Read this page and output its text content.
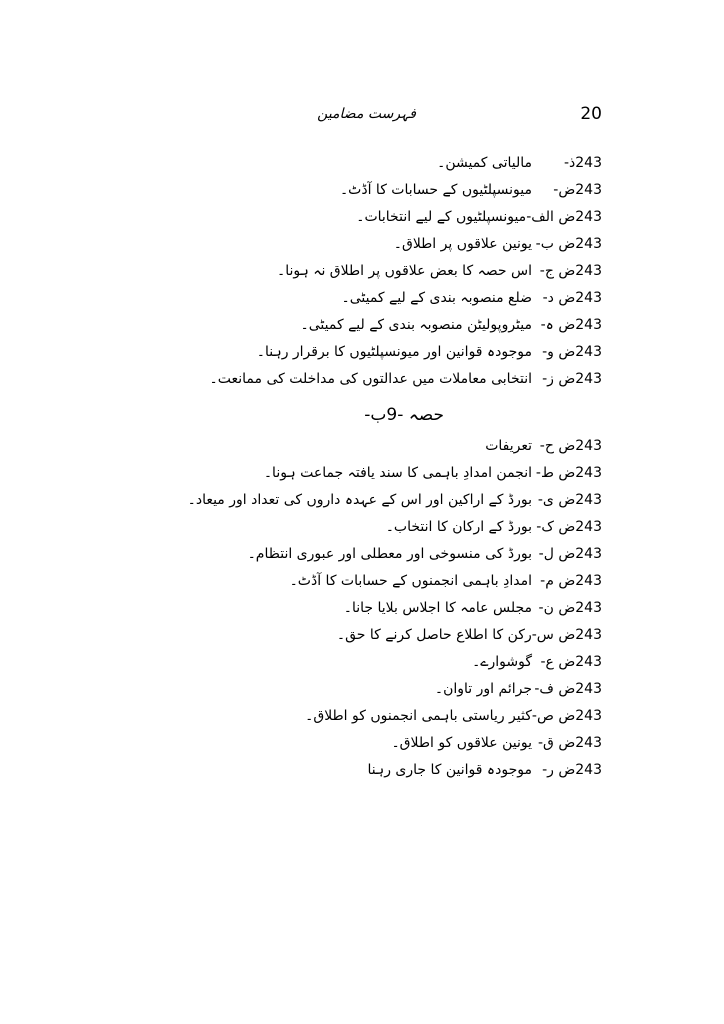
20
فہرست مضامین
243ذ-
مالیاتی کمیشن۔
243ض-
میونسپلٹیوں کے حسابات کا آڈٹ۔
243ض الف-
میونسپلٹیوں کے لیے انتخابات۔
243ض ب-
یونین علاقوں پر اطلاق۔
243ض ج-
اس حصہ کا بعض علاقوں پر اطلاق نہ ہونا۔
243ض د-
ضلع منصوبہ بندی کے لیے کمیٹی۔
243ض ہ-
میٹروپولیٹن منصوبہ بندی کے لیے کمیٹی۔
243ض و-
موجودہ قوانین اور میونسپلٹیوں کا برقرار رہنا۔
243ض ز-
انتخابی معاملات میں عدالتوں کی مداخلت کی ممانعت۔
حصہ -9ب-
243ض ح-
تعریفات
243ض ط-
انجمن امدادِ باہمی کا سند یافتہ جماعت ہونا۔
243ض ی-
بورڈ کے اراکین اور اس کے عہدہ داروں کی تعداد اور میعاد۔
243ض ک-
بورڈ کے ارکان کا انتخاب۔
243ض ل-
بورڈ کی منسوخی اور معطلی اور عبوری انتظام۔
243ض م-
امدادِ باہمی انجمنوں کے حسابات کا آڈٹ۔
243ض ن-
مجلس عامہ کا اجلاس بلایا جانا۔
243ض س-
رکن کا اطلاع حاصل کرنے کا حق۔
243ض ع-
گوشوارے۔
243ض ف-
جرائم اور تاوان۔
243ض ص-
کثیر ریاستی باہمی انجمنوں کو اطلاق۔
243ض ق-
یونین علاقوں کو اطلاق۔
243ض ر-
موجودہ قوانین کا جاری رہنا
